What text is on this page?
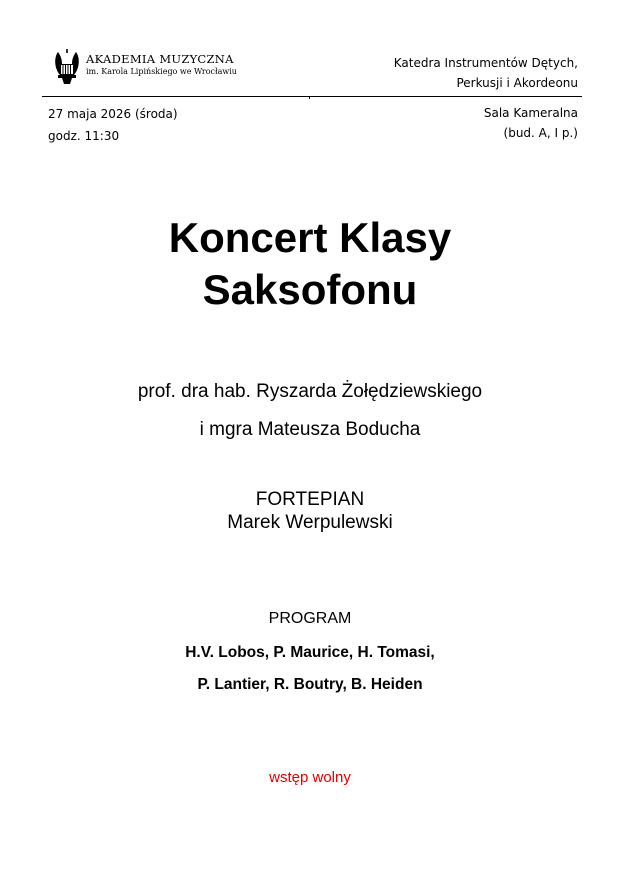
AKADEMIA MUZYCZNA
im. Karola Lipińskiego we Wrocławiu
Katedra Instrumentów Dętych,
Perkusji i Akordeonu
27 maja 2026 (środa)
godz. 11:30
Sala Kameralna
(bud. A, I p.)
Koncert Klasy
Saksofonu
prof. dra hab. Ryszarda Żołędziewskiego
i mgra Mateusza Boducha
FORTEPIAN
Marek Werpulewski
PROGRAM
H.V. Lobos, P. Maurice, H. Tomasi,
P. Lantier, R. Boutry, B. Heiden
wstęp wolny
